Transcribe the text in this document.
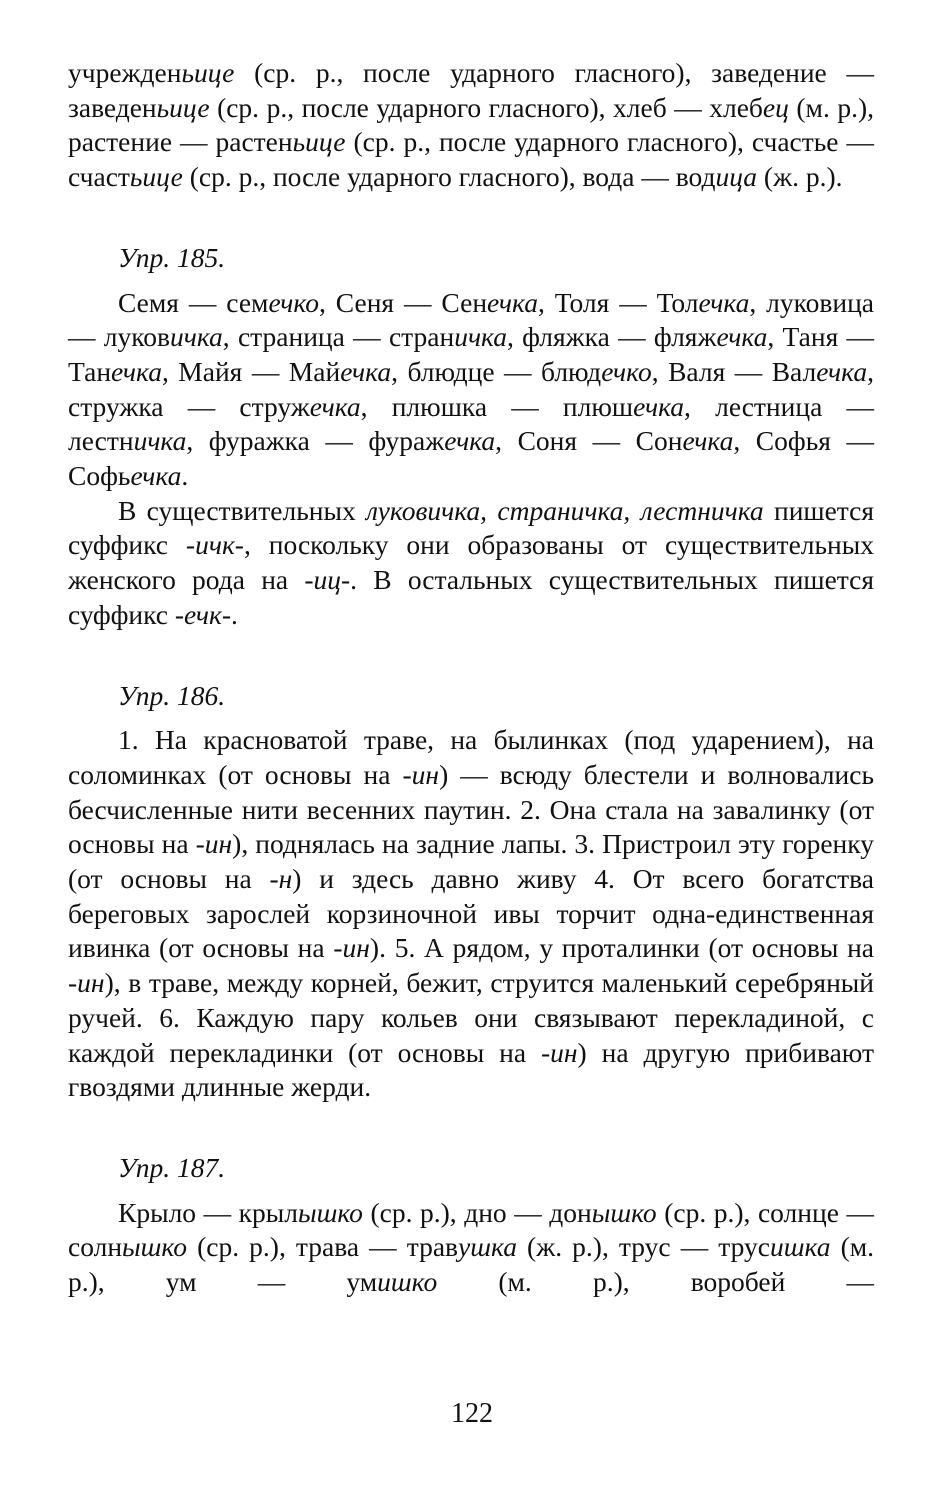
учрежденьице (ср. р., после ударного гласного), заведение — заведеньице (ср. р., после ударного гласного), хлеб — хлебец (м. р.), растение — растеньице (ср. р., после ударного гласного), счастье — счастьице (ср. р., после ударного гласного), вода — водица (ж. р.).

Упр. 185.

Семя — семечко, Сеня — Сенечка, Толя — Толечка, луковица — луковичка, страница — страничка, фляжка — фляжечка, Таня — Танечка, Майя — Майечка, блюдце — блюдечко, Валя — Валечка, стружка — стружечка, плюшка — плюшечка, лестница — лестничка, фуражка — фуражечка, Соня — Сонечка, Софья — Софьечка.

В существительных луковичка, страничка, лестничка пишется суффикс -ичк-, поскольку они образованы от существительных женского рода на -иц-. В остальных существительных пишется суффикс -ечк-.

Упр. 186.

1. На красноватой траве, на былинках (под ударением), на соломинках (от основы на -ин) — всюду блестели и волновались бесчисленные нити весенних паутин. 2. Она стала на завалинку (от основы на -ин), поднялась на задние лапы. 3. Пристроил эту горенку (от основы на -н) и здесь давно живу 4. От всего богатства береговых зарослей корзиночной ивы торчит одна-единственная ивинка (от основы на -ин). 5. А рядом, у проталинки (от основы на -ин), в траве, между корней, бежит, струится маленький серебряный ручей. 6. Каждую пару кольев они связывают перекладиной, с каждой перекладинки (от основы на -ин) на другую прибивают гвоздями длинные жерди.

Упр. 187.

Крыло — крылышко (ср. р.), дно — донышко (ср. р.), солнце — солнышко (ср. р.), трава — травушка (ж. р.), трус — трусишка (м. р.), ум — умишко (м. р.), воробей —

122
